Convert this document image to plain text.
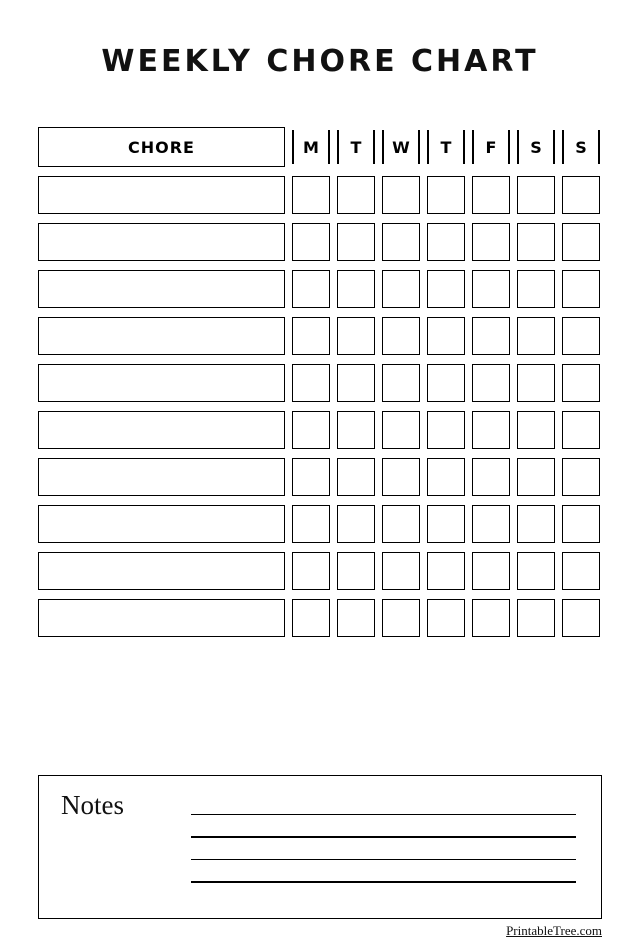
WEEKLY CHORE CHART
CHORE	M T W T F S S
Notes
PrintableTree.com
